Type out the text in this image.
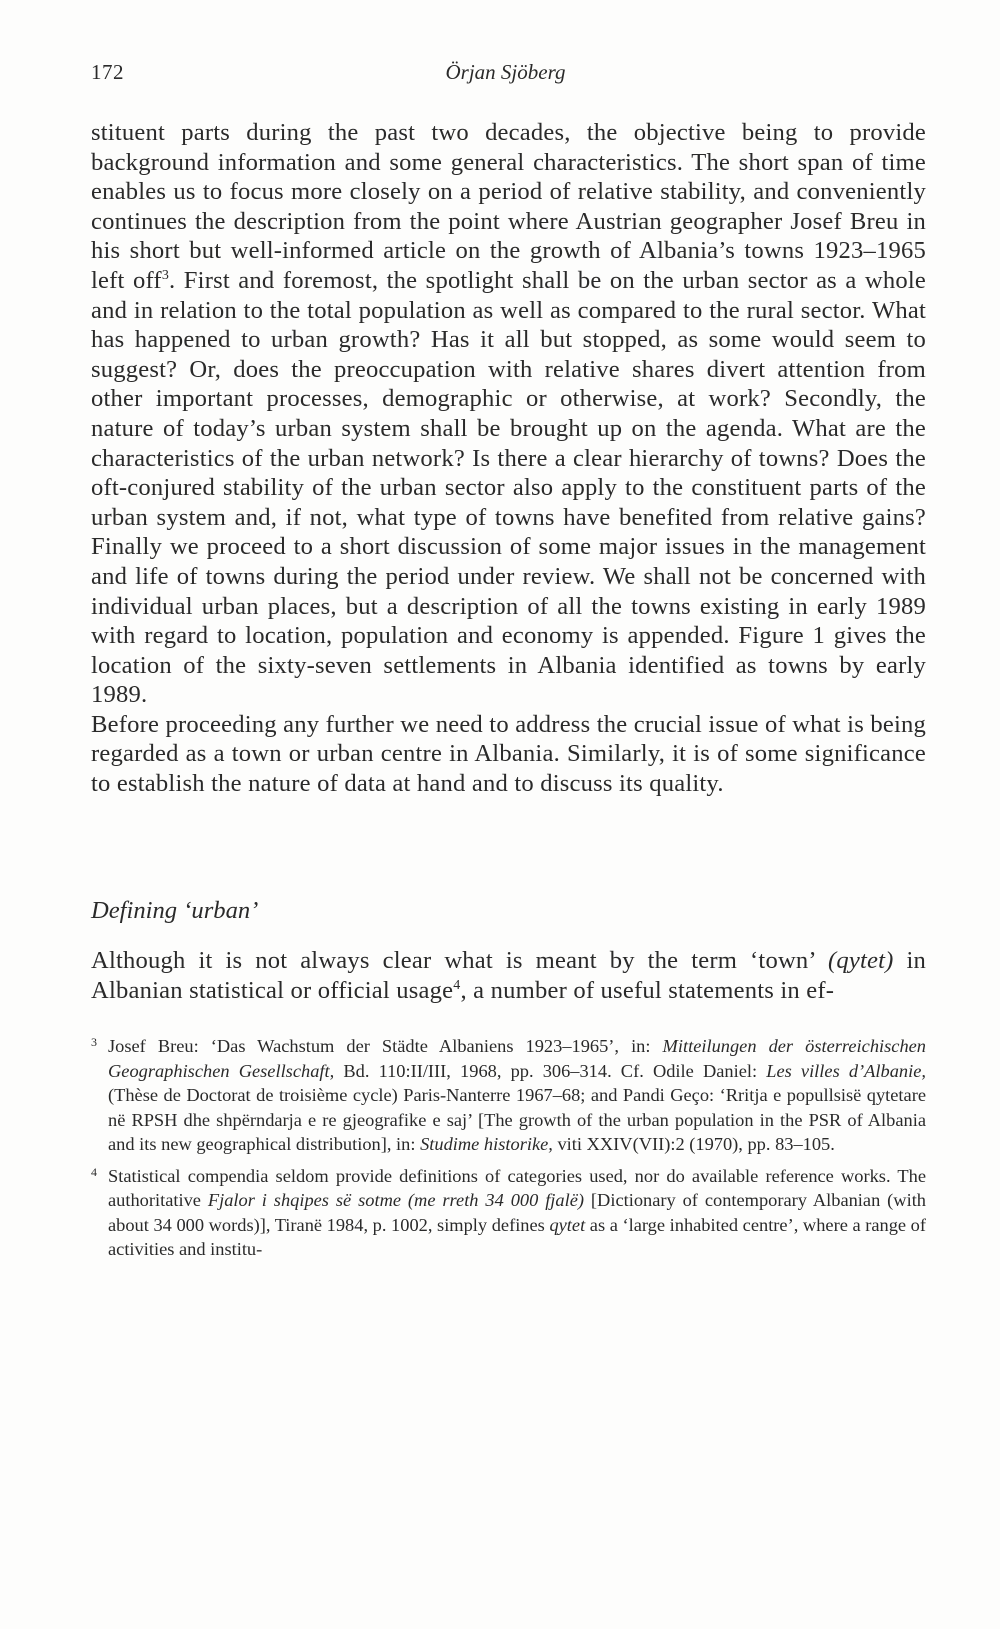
172	Örjan Sjöberg

stituent parts during the past two decades, the objective being to provide background information and some general characteristics. The short span of time enables us to focus more closely on a period of relative stability, and conveniently continues the description from the point where Austrian geographer Josef Breu in his short but well-informed article on the growth of Albania’s towns 1923–1965 left off$^3$. First and foremost, the spotlight shall be on the urban sector as a whole and in relation to the total population as well as compared to the rural sector. What has happened to urban growth? Has it all but stopped, as some would seem to suggest? Or, does the preoccupation with relative shares divert attention from other important processes, demographic or otherwise, at work? Secondly, the nature of today’s urban system shall be brought up on the agenda. What are the characteristics of the urban network? Is there a clear hierarchy of towns? Does the oft-conjured stability of the urban sector also apply to the constituent parts of the urban system and, if not, what type of towns have benefited from relative gains? Finally we proceed to a short discussion of some major issues in the management and life of towns during the period under review. We shall not be concerned with individual urban places, but a description of all the towns existing in early 1989 with regard to location, population and economy is appended. Figure 1 gives the location of the sixty-seven settlements in Albania identified as towns by early 1989.

Before proceeding any further we need to address the crucial issue of what is being regarded as a town or urban centre in Albania. Similarly, it is of some significance to establish the nature of data at hand and to discuss its quality.

Defining ‘urban’
Although it is not always clear what is meant by the term ‘town’ (qytet) in Albanian statistical or official usage$^4$, a number of useful statements in ef-
3 Josef Breu: ‘Das Wachstum der Städte Albaniens 1923–1965’, in: Mitteilungen der österreichischen Geographischen Gesellschaft, Bd. 110:II/III, 1968, pp. 306–314. Cf. Odile Daniel: Les villes d’Albanie, (Thèse de Doctorat de troisième cycle) Paris-Nanterre 1967–68; and Pandi Geço: ‘Rritja e popullsisë qytetare në RPSH dhe shpërndarja e re gjeografike e saj’ [The growth of the urban population in the PSR of Albania and its new geographical distribution], in: Studime historike, viti XXIV(VII):2 (1970), pp. 83–105.
4 Statistical compendia seldom provide definitions of categories used, nor do available reference works. The authoritative Fjalor i shqipes së sotme (me rreth 34 000 fjalë) [Dictionary of contemporary Albanian (with about 34 000 words)], Tiranë 1984, p. 1002, simply defines qytet as a ‘large inhabited centre’, where a range of activities and institu-
